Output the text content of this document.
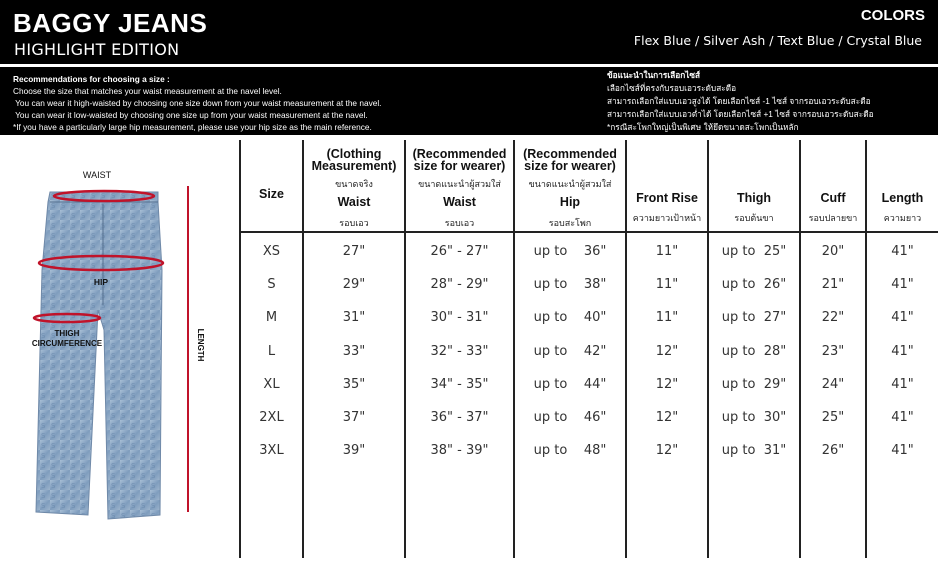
BAGGY JEANS
HIGHLIGHT EDITION
COLORS
Flex Blue / Silver Ash / Text Blue / Crystal Blue
Recommendations for choosing a size :
Choose the size that matches your waist measurement at the navel level.
You can wear it high-waisted by choosing one size down from your waist measurement at the navel.
You can wear it low-waisted by choosing one size up from your waist measurement at the navel.
*If you have a particularly large hip measurement, please use your hip size as the main reference.
ข้อแนะนำในการเลือกไซส์
เลือกไซส์ที่ตรงกับรอบเอวระดับสะดือ
สามารถเลือกใส่แบบเอวสูงได้ โดยเลือกไซส์ -1 ไซส์ จากรอบเอวระดับสะดือ
สามารถเลือกใส่แบบเอวต่ำได้ โดยเลือกไซส์ +1 ไซส์ จากรอบเอวระดับสะดือ
*กรณีสะโพกใหญ่เป็นพิเศษ ให้ยึดขนาดสะโพกเป็นหลัก
WAIST
HIP
THIGH
CIRCUMFERENCE	LENGTH
Size
(Clothing
Measurement)
ขนาดจริง
Waist
รอบเอว
(Recommended
size for wearer)
ขนาดแนะนำผู้สวมใส่
Waist
รอบเอว
(Recommended
size for wearer)
ขนาดแนะนำผู้สวมใส่
Hip
รอบสะโพก
Front Rise
ความยาวเป้าหน้า
Thigh
รอบต้นขา
Cuff
รอบปลายขา
Length
ความยาว
XS	27"	26" - 27"	up to    36"	11"	up to  25"	20"	41"
S	29"	28" - 29"	up to    38"	11"	up to  26"	21"	41"
M	31"	30" - 31"	up to    40"	11"	up to  27"	22"	41"
L	33"	32" - 33"	up to    42"	12"	up to  28"	23"	41"
XL	35"	34" - 35"	up to    44"	12"	up to  29"	24"	41"
2XL	37"	36" - 37"	up to    46"	12"	up to  30"	25"	41"
3XL	39"	38" - 39"	up to    48"	12"	up to  31"	26"	41"
